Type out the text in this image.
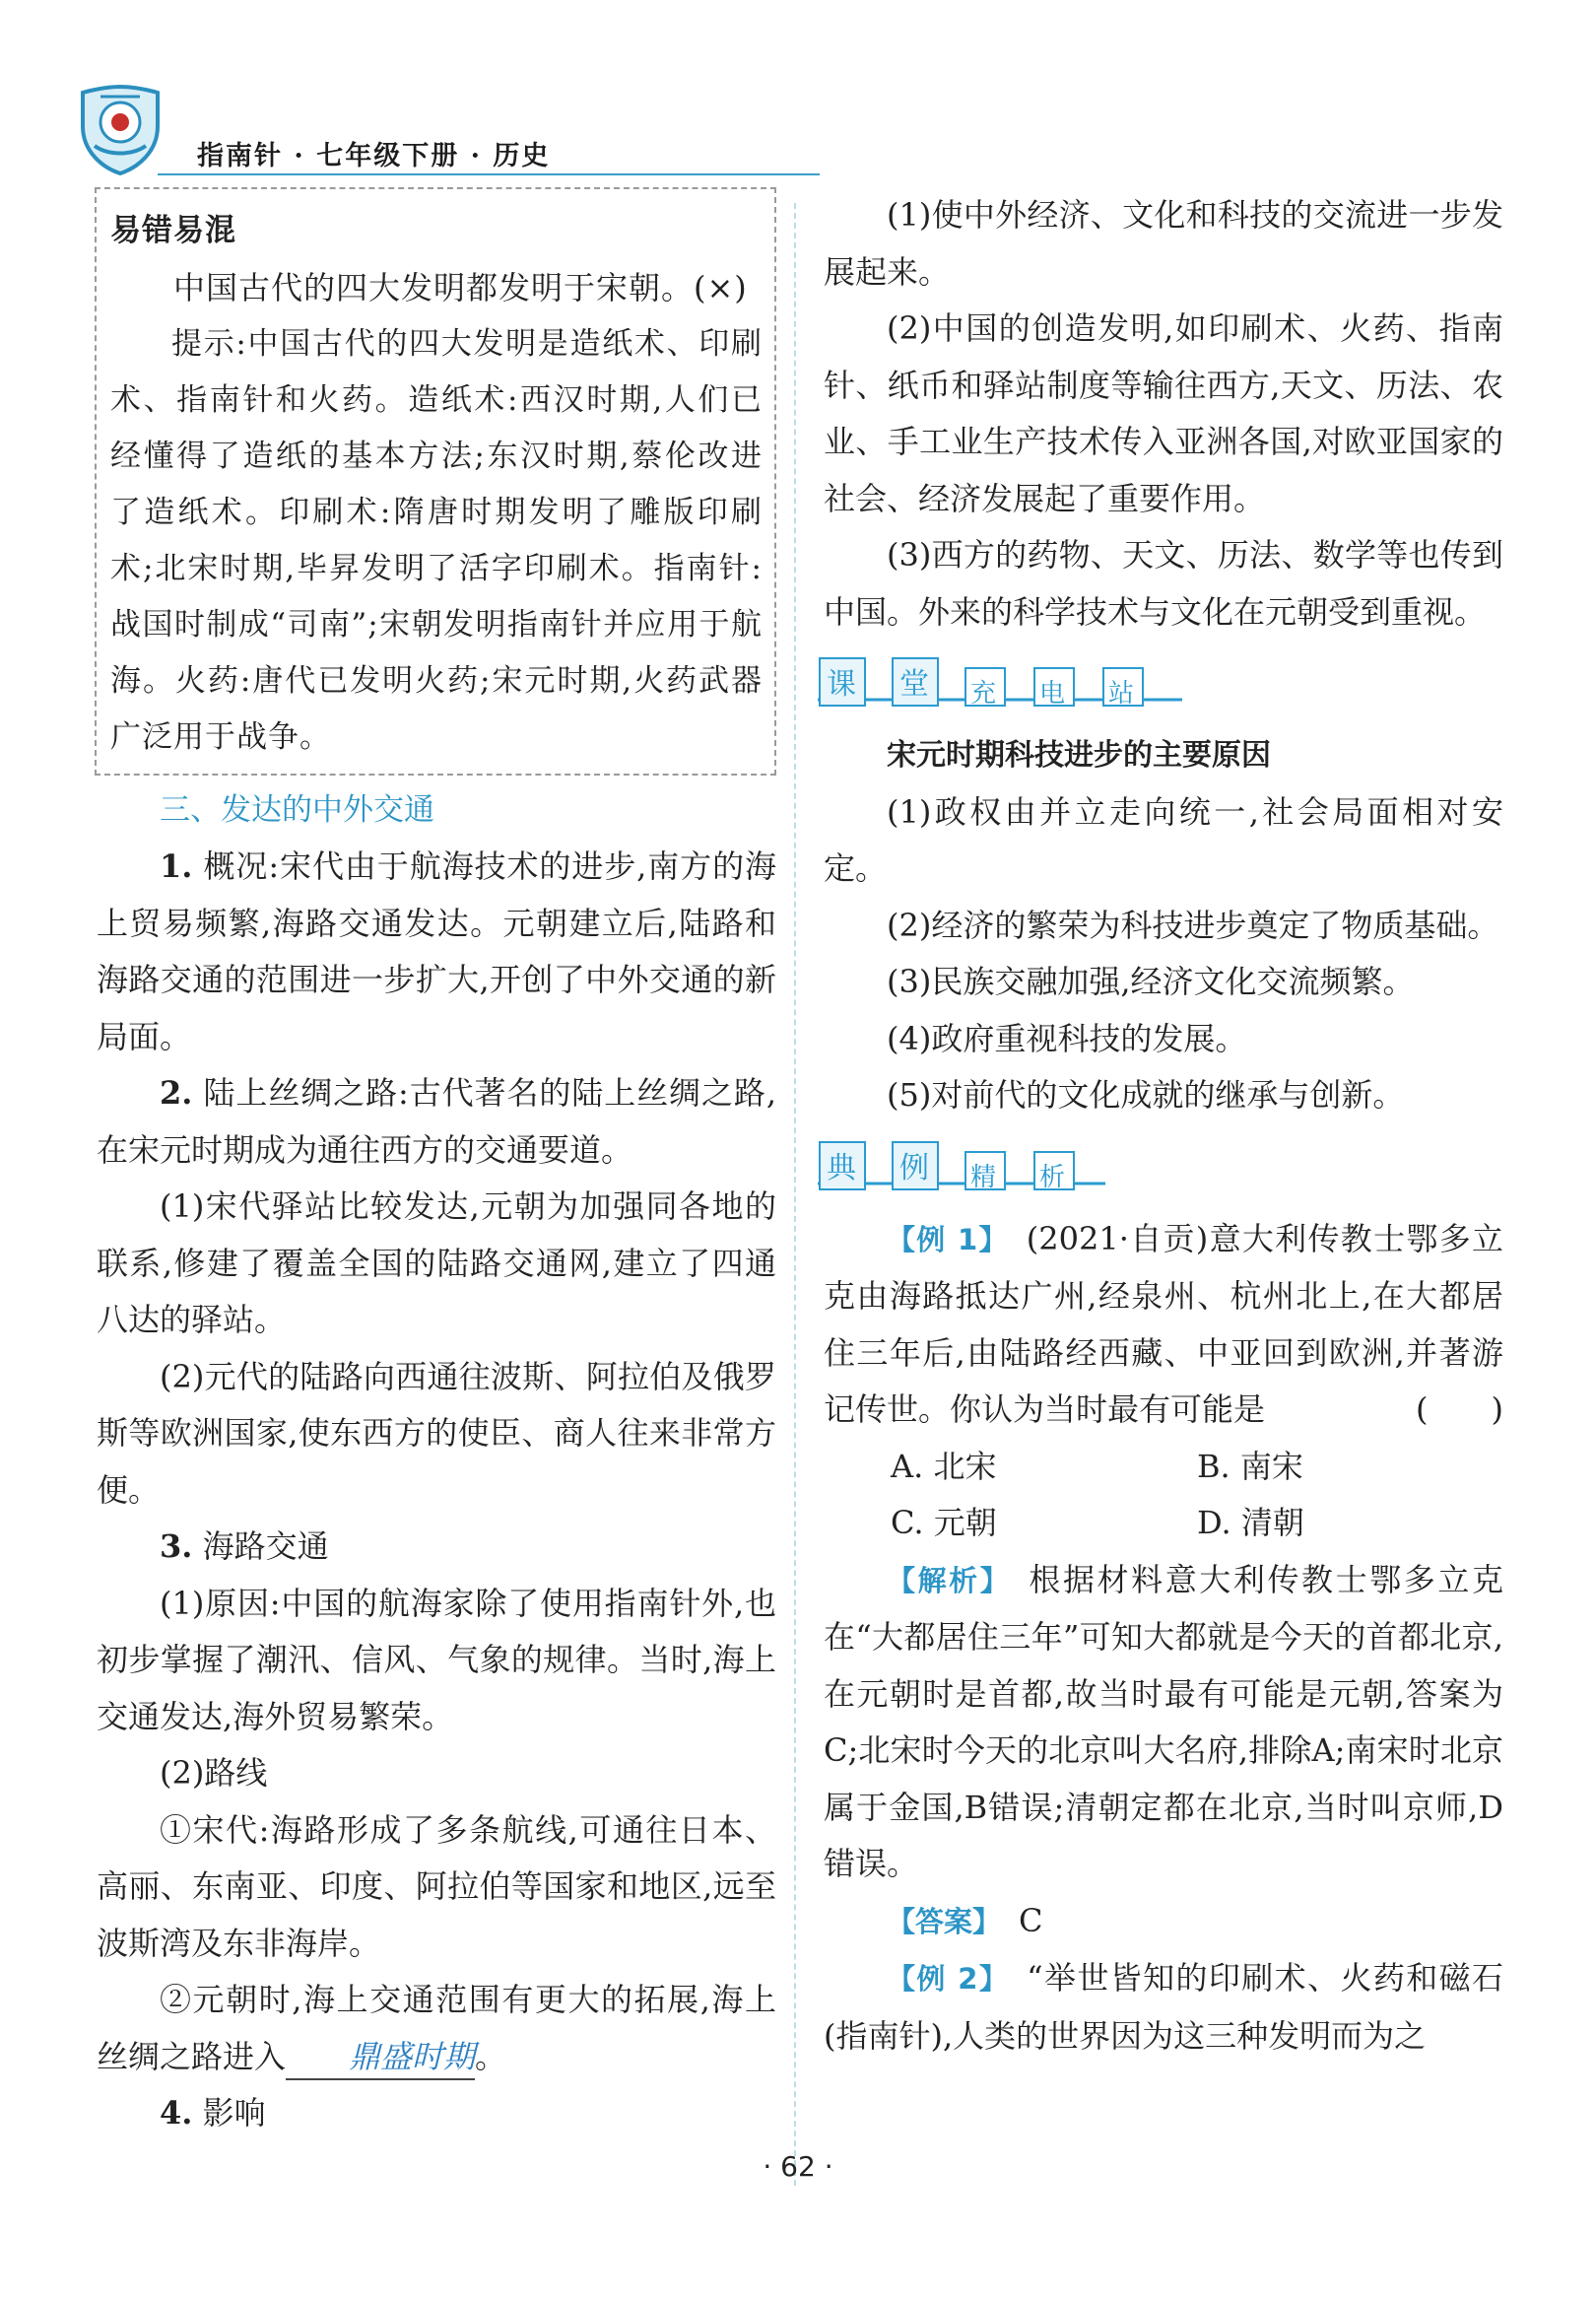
指南针 · 七年级下册 · 历史

易错易混

中国古代的四大发明都发明于宋朝。(×)

提示:中国古代的四大发明是造纸术、印刷术、指南针和火药。造纸术:西汉时期,人们已经懂得了造纸的基本方法;东汉时期,蔡伦改进了造纸术。印刷术:隋唐时期发明了雕版印刷术;北宋时期,毕昇发明了活字印刷术。指南针:战国时制成“司南”;宋朝发明指南针并应用于航海。火药:唐代已发明火药;宋元时期,火药武器广泛用于战争。

三、发达的中外交通

1. 概况:宋代由于航海技术的进步,南方的海上贸易频繁,海路交通发达。元朝建立后,陆路和海路交通的范围进一步扩大,开创了中外交通的新局面。

2. 陆上丝绸之路:古代著名的陆上丝绸之路,在宋元时期成为通往西方的交通要道。

(1)宋代驿站比较发达,元朝为加强同各地的联系,修建了覆盖全国的陆路交通网,建立了四通八达的驿站。

(2)元代的陆路向西通往波斯、阿拉伯及俄罗斯等欧洲国家,使东西方的使臣、商人往来非常方便。

3. 海路交通

(1)原因:中国的航海家除了使用指南针外,也初步掌握了潮汛、信风、气象的规律。当时,海上交通发达,海外贸易繁荣。

(2)路线

①宋代:海路形成了多条航线,可通往日本、高丽、东南亚、印度、阿拉伯等国家和地区,远至波斯湾及东非海岸。

②元朝时,海上交通范围有更大的拓展,海上丝绸之路进入 鼎盛时期。

4. 影响

(1)使中外经济、文化和科技的交流进一步发展起来。

(2)中国的创造发明,如印刷术、火药、指南针、纸币和驿站制度等输往西方,天文、历法、农业、手工业生产技术传入亚洲各国,对欧亚国家的社会、经济发展起了重要作用。

(3)西方的药物、天文、历法、数学等也传到中国。外来的科学技术与文化在元朝受到重视。

课 堂 充 电 站

宋元时期科技进步的主要原因

(1)政权由并立走向统一,社会局面相对安定。

(2)经济的繁荣为科技进步奠定了物质基础。

(3)民族交融加强,经济文化交流频繁。

(4)政府重视科技的发展。

(5)对前代的文化成就的继承与创新。

典 例 精 析

【例 1】 (2021·自贡)意大利传教士鄂多立克由海路抵达广州,经泉州、杭州北上,在大都居住三年后,由陆路经西藏、中亚回到欧洲,并著游记传世。你认为当时最有可能是	(　　)

A. 北宋	B. 南宋
C. 元朝	D. 清朝

【解析】 根据材料意大利传教士鄂多立克在“大都居住三年”可知大都就是今天的首都北京,在元朝时是首都,故当时最有可能是元朝,答案为C;北宋时今天的北京叫大名府,排除A;南宋时北京属于金国,B错误;清朝定都在北京,当时叫京师,D错误。

【答案】 C

【例 2】 “举世皆知的印刷术、火药和磁石(指南针),人类的世界因为这三种发明而为之

· 62 ·
